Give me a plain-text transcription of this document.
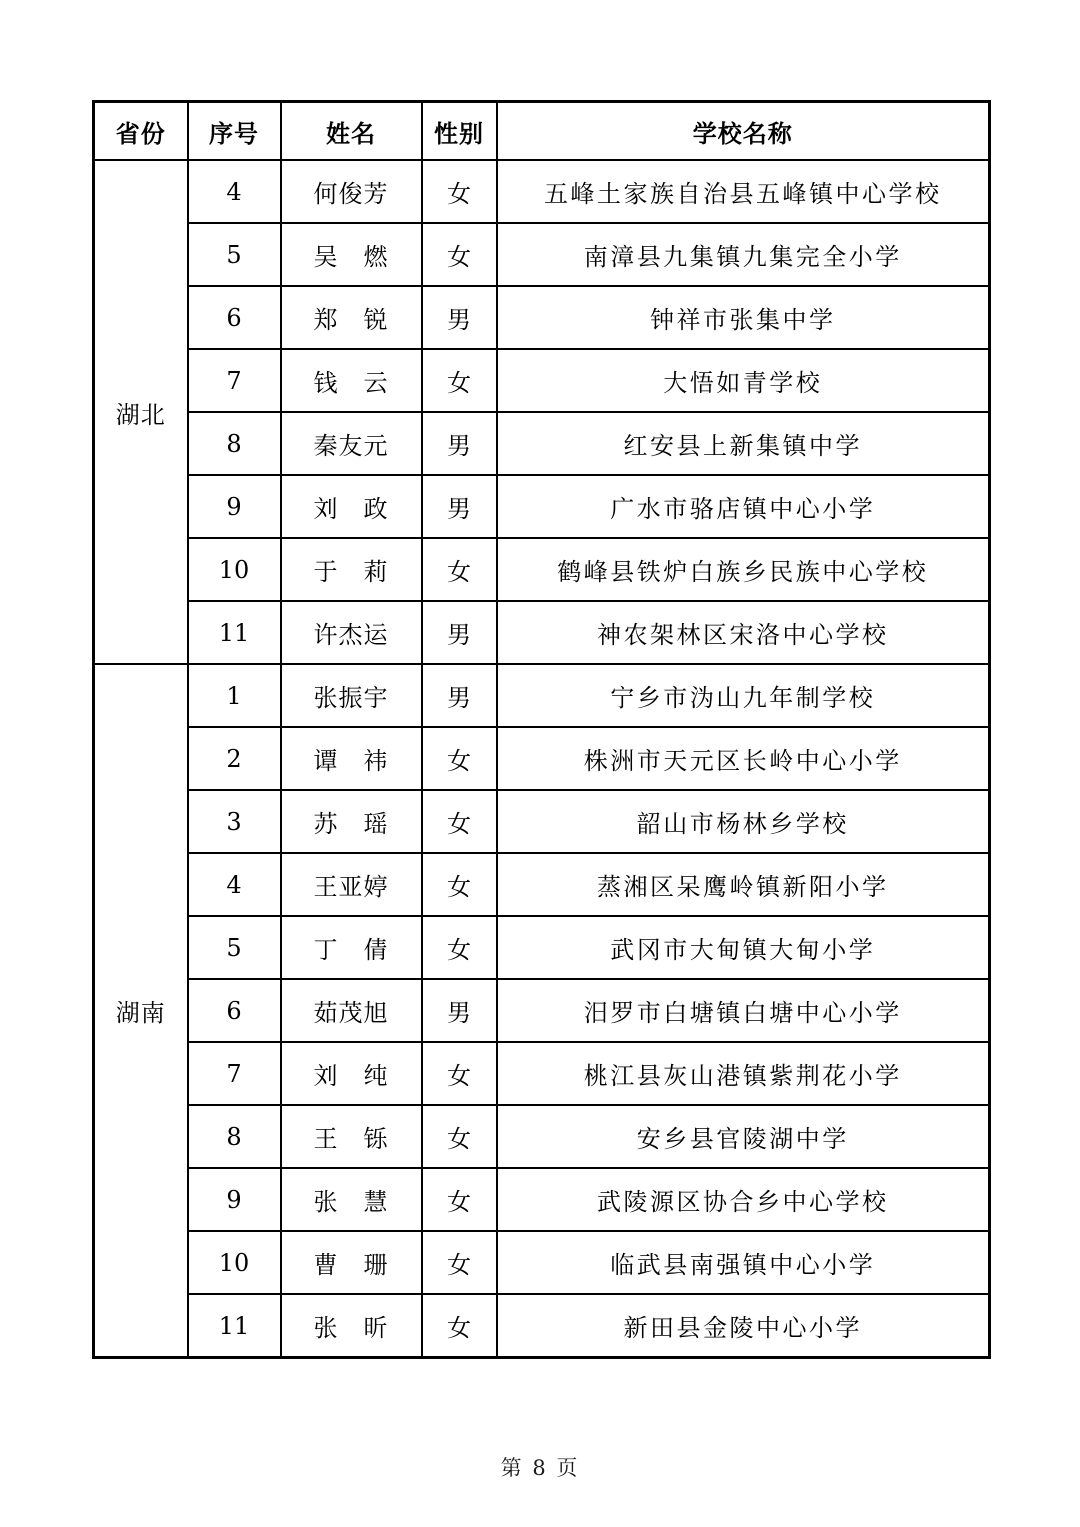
省份	序号	姓名	性别	学校名称
湖北	4	何俊芳	女	五峰土家族自治县五峰镇中心学校
	5	吴　燃	女	南漳县九集镇九集完全小学
	6	郑　锐	男	钟祥市张集中学
	7	钱　云	女	大悟如青学校
	8	秦友元	男	红安县上新集镇中学
	9	刘　政	男	广水市骆店镇中心小学
	10	于　莉	女	鹤峰县铁炉白族乡民族中心学校
	11	许杰运	男	神农架林区宋洛中心学校
湖南	1	张振宇	男	宁乡市沩山九年制学校
	2	谭　祎	女	株洲市天元区长岭中心小学
	3	苏　瑶	女	韶山市杨林乡学校
	4	王亚婷	女	蒸湘区呆鹰岭镇新阳小学
	5	丁　倩	女	武冈市大甸镇大甸小学
	6	茹茂旭	男	汨罗市白塘镇白塘中心小学
	7	刘　纯	女	桃江县灰山港镇紫荆花小学
	8	王　铄	女	安乡县官陵湖中学
	9	张　慧	女	武陵源区协合乡中心学校
	10	曹　珊	女	临武县南强镇中心小学
	11	张　昕	女	新田县金陵中心小学
第 8 页
